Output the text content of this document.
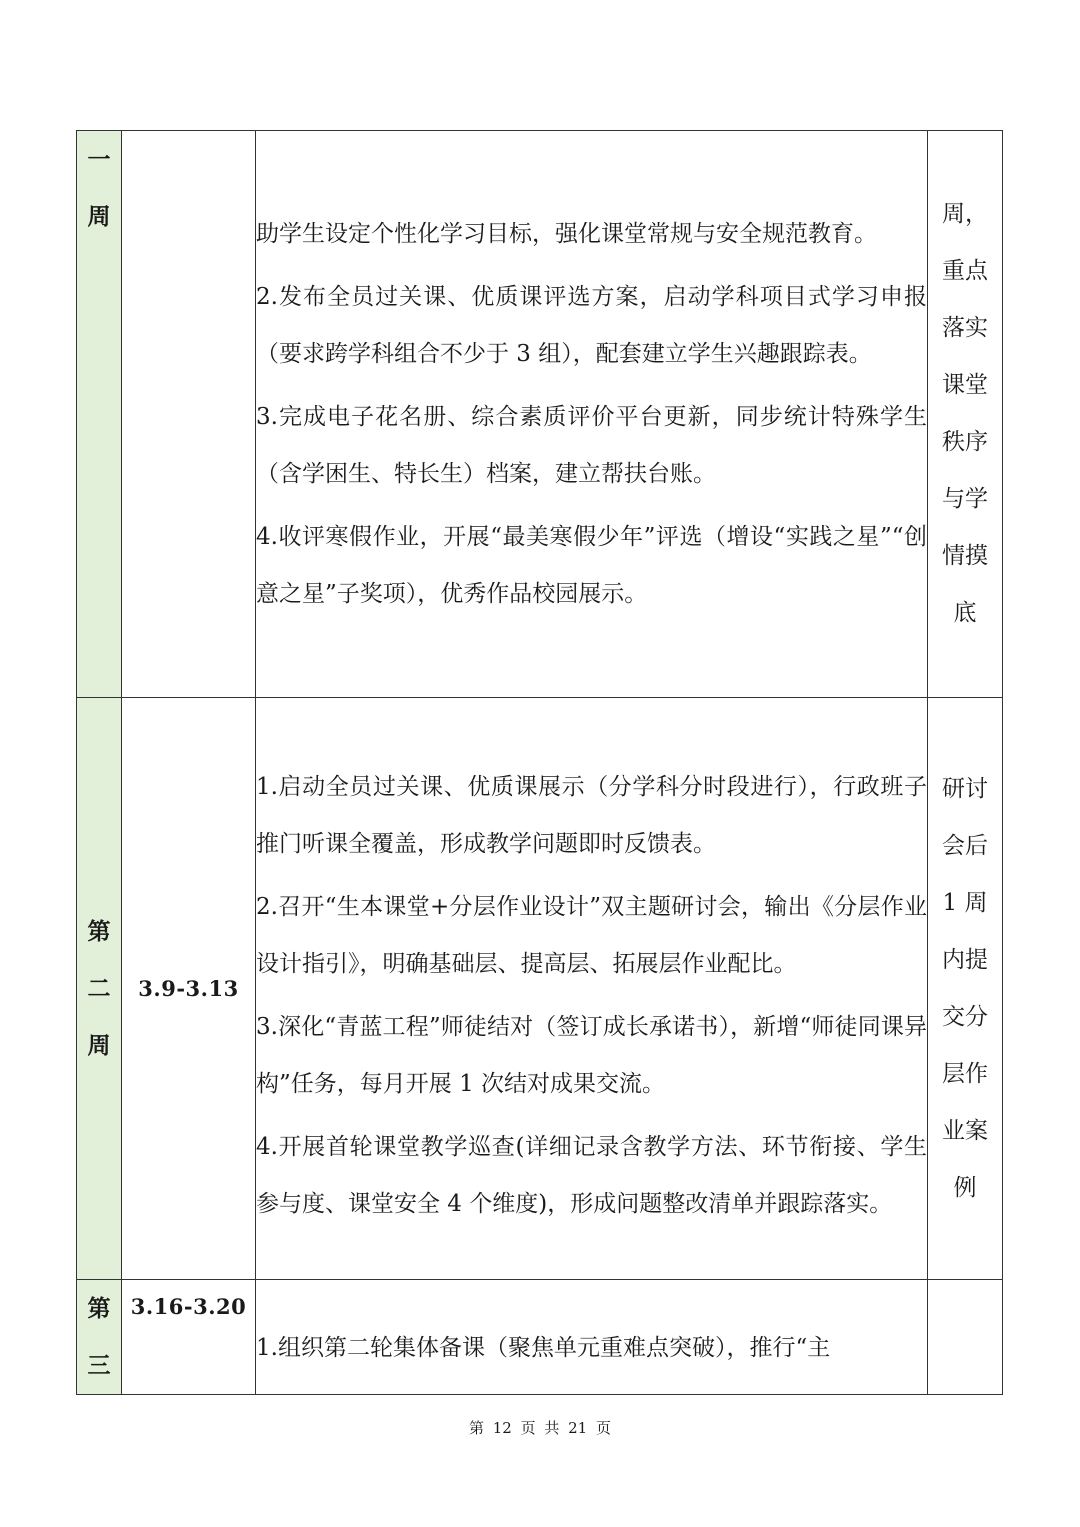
一周		助学生设定个性化学习目标，强化课堂常规与安全规范教育。

2.发布全员过关课、优质课评选方案，启动学科项目式学习申报（要求跨学科组合不少于 3 组），配套建立学生兴趣跟踪表。

3.完成电子花名册、综合素质评价平台更新，同步统计特殊学生（含学困生、特长生）档案，建立帮扶台账。

4.收评寒假作业，开展“最美寒假少年”评选（增设“实践之星”“创意之星”子奖项），优秀作品校园展示。	周，重点落实课堂秩序与学情摸底

第二周	3.9-3.13	1.启动全员过关课、优质课展示（分学科分时段进行），行政班子推门听课全覆盖，形成教学问题即时反馈表。

2.召开“生本课堂+分层作业设计”双主题研讨会，输出《分层作业设计指引》，明确基础层、提高层、拓展层作业配比。

3.深化“青蓝工程”师徒结对（签订成长承诺书），新增“师徒同课异构”任务，每月开展 1 次结对成果交流。

4.开展首轮课堂教学巡查(详细记录含教学方法、环节衔接、学生参与度、课堂安全 4 个维度)，形成问题整改清单并跟踪落实。	研讨会后 1 周内提交分层作业案例

第三	3.16-3.20	1.组织第二轮集体备课（聚焦单元重难点突破），推行“主	

第 12 页 共 21 页
